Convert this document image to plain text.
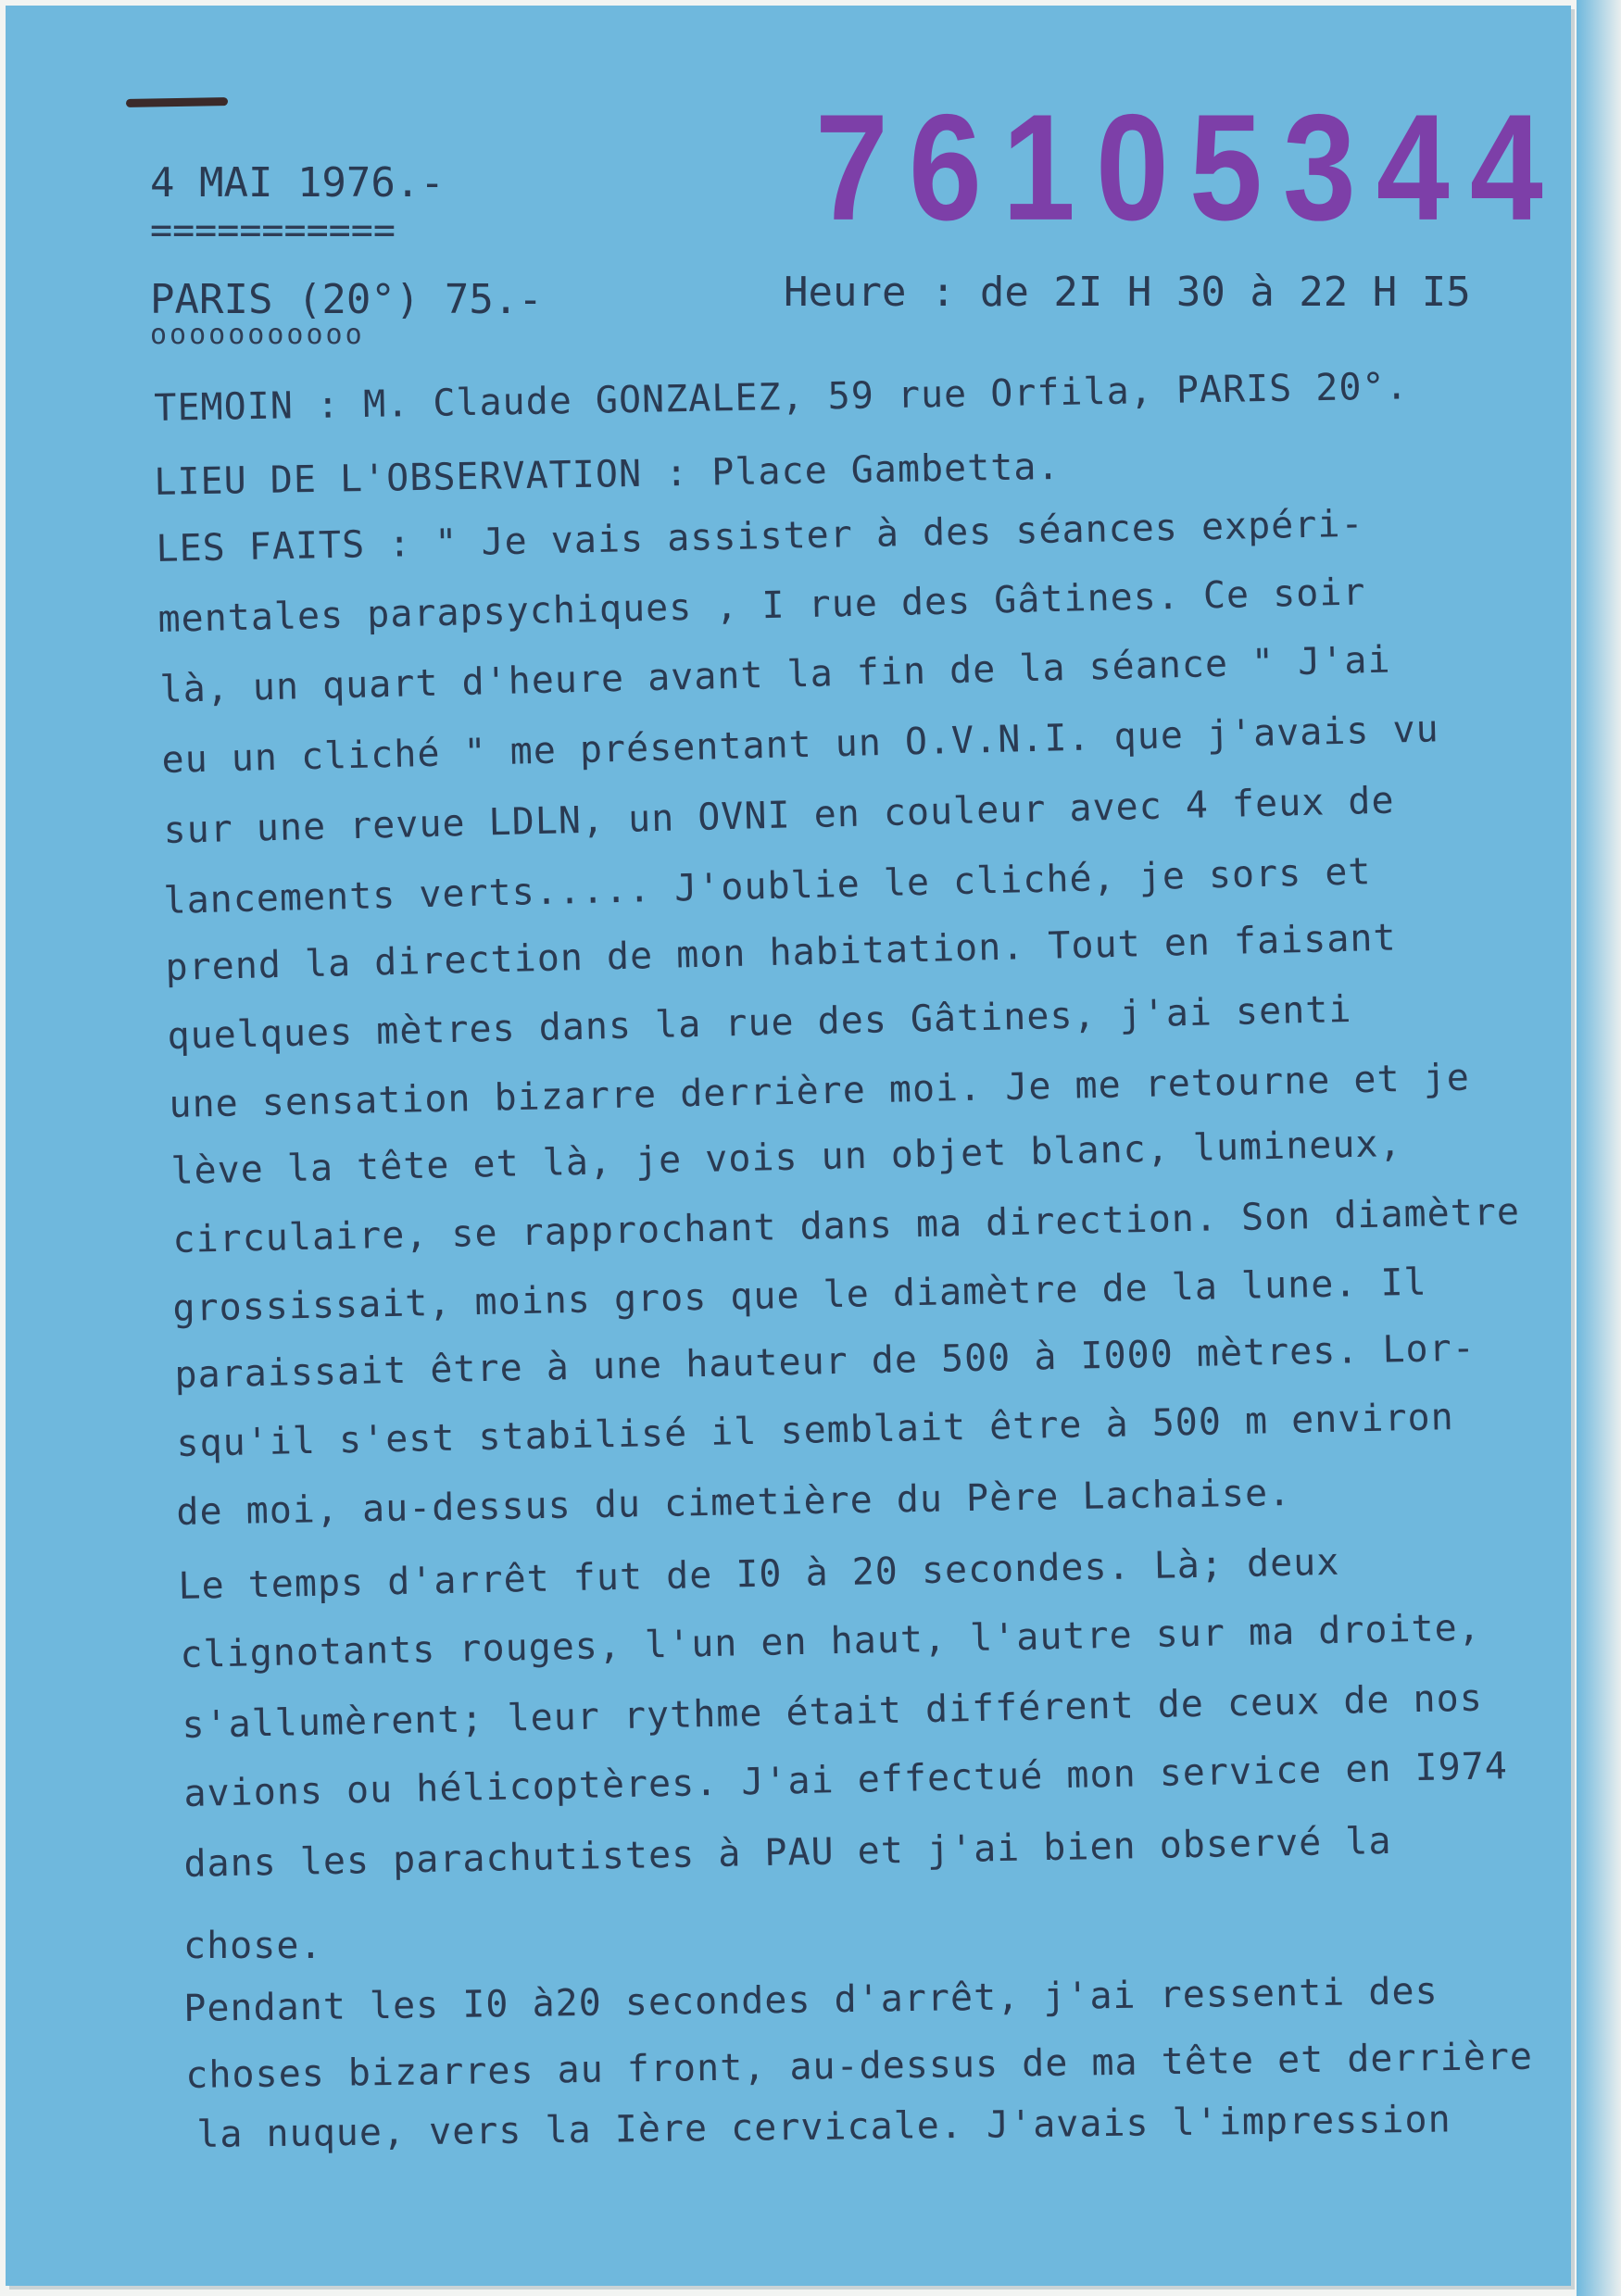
76105344
4 MAI 1976.-
===========
PARIS (20°) 75.-
ooooooooooo
Heure : de 2I H 30 à 22 H I5
TEMOIN : M. Claude GONZALEZ, 59 rue Orfila, PARIS 20°.
LIEU DE L'OBSERVATION : Place Gambetta.
LES FAITS : " Je vais assister à des séances expéri-
mentales parapsychiques , I rue des Gâtines. Ce soir
là, un quart d'heure avant la fin de la séance " J'ai
eu un cliché " me présentant un O.V.N.I. que j'avais vu
sur une revue LDLN, un OVNI en couleur avec 4 feux de
lancements verts..... J'oublie le cliché, je sors et
prend la direction de mon habitation. Tout en faisant
quelques mètres dans la rue des Gâtines, j'ai senti
une sensation bizarre derrière moi. Je me retourne et je
lève la tête et là, je vois un objet blanc, lumineux,
circulaire, se rapprochant dans ma direction. Son diamètre
grossissait, moins gros que le diamètre de la lune. Il
paraissait être à une hauteur de 500 à I000 mètres. Lor-
squ'il s'est stabilisé il semblait être à 500 m environ
de moi, au-dessus du cimetière du Père Lachaise.
Le temps d'arrêt fut de I0 à 20 secondes. Là; deux
clignotants rouges, l'un en haut, l'autre sur ma droite,
s'allumèrent; leur rythme était différent de ceux de nos
avions ou hélicoptères. J'ai effectué mon service en I974
dans les parachutistes à PAU et j'ai bien observé la
chose.
Pendant les I0 à20 secondes d'arrêt, j'ai ressenti des
choses bizarres au front, au-dessus de ma tête et derrière
la nuque, vers la Ière cervicale. J'avais l'impression
